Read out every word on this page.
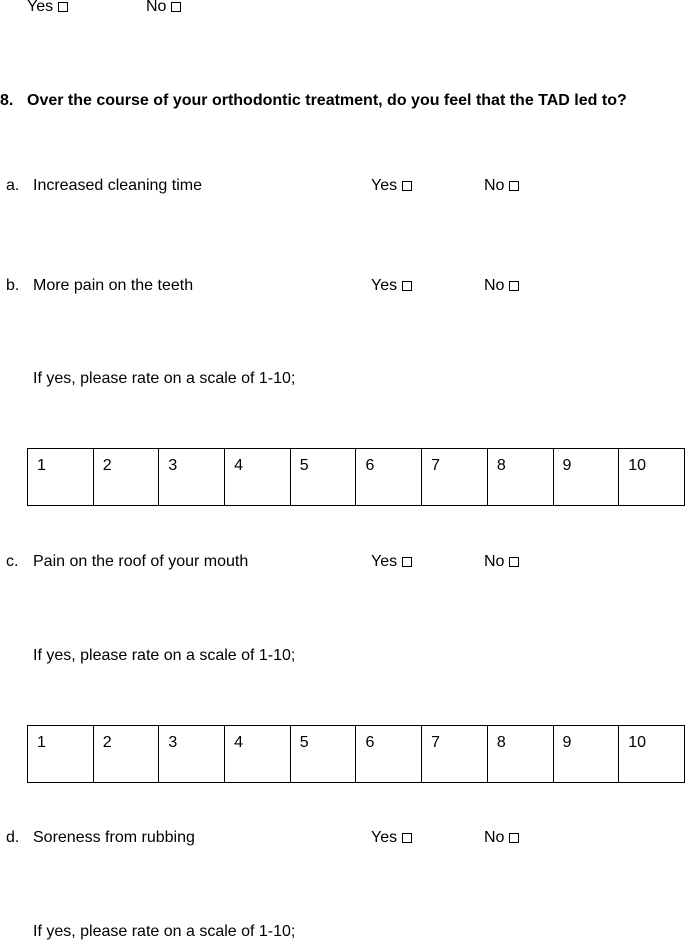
Yes	No
8. Over the course of your orthodontic treatment, do you feel that the TAD led to?
a. Increased cleaning time	Yes	No
b. More pain on the teeth	Yes	No
If yes, please rate on a scale of 1-10;
1	2	3	4	5	6	7	8	9	10
c. Pain on the roof of your mouth	Yes	No
If yes, please rate on a scale of 1-10;
1	2	3	4	5	6	7	8	9	10
d. Soreness from rubbing	Yes	No
If yes, please rate on a scale of 1-10;
